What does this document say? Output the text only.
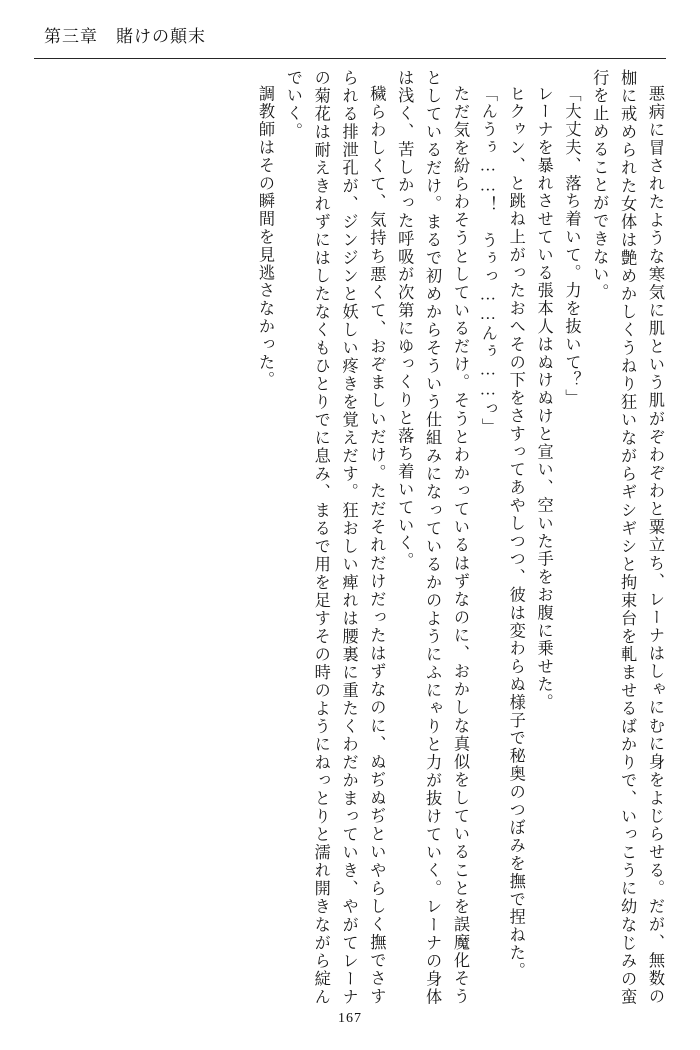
第三章　賭けの顛末

悪病に冒されたような寒気に肌という肌がぞわぞわと粟立ち、レーナはしゃにむに身をよじらせる。だが、無数の枷に戒められた女体は艶めかしくうねり狂いながらギシギシと拘束台を軋ませるばかりで、いっこうに幼なじみの蛮行を止めることができない。

「大丈夫、落ち着いて。力を抜いて？」

レーナを暴れさせている張本人はぬけぬけと宣い、空いた手をお腹に乗せた。

ヒクゥン、と跳ね上がったおへその下をさすってあやしつつ、彼は変わらぬ様子で秘奥のつぼみを撫で捏ねた。

「んうぅ……！　うぅっ……んぅ……っ」

ただ気を紛らわそうとしているだけ。そうとわかっているはずなのに、おかしな真似をしていることを誤魔化そうとしているだけ。まるで初めからそういう仕組みになっているかのようにふにゃりと力が抜けていく。レーナの身体は浅く、苦しかった呼吸が次第にゆっくりと落ち着いていく。

穢らわしくて、気持ち悪くて、おぞましいだけ。ただそれだけだったはずなのに、ぬぢぬぢといやらしく撫でさすられる排泄孔が、ジンジンと妖しい疼きを覚えだす。狂おしい痺れは腰裏に重たくわだかまっていき、やがてレーナの菊花は耐えきれずにはしたなくもひとりでに息み、まるで用を足すその時のようにねっとりと濡れ開きながら綻んでいく。

調教師はその瞬間を見逃さなかった。

167
